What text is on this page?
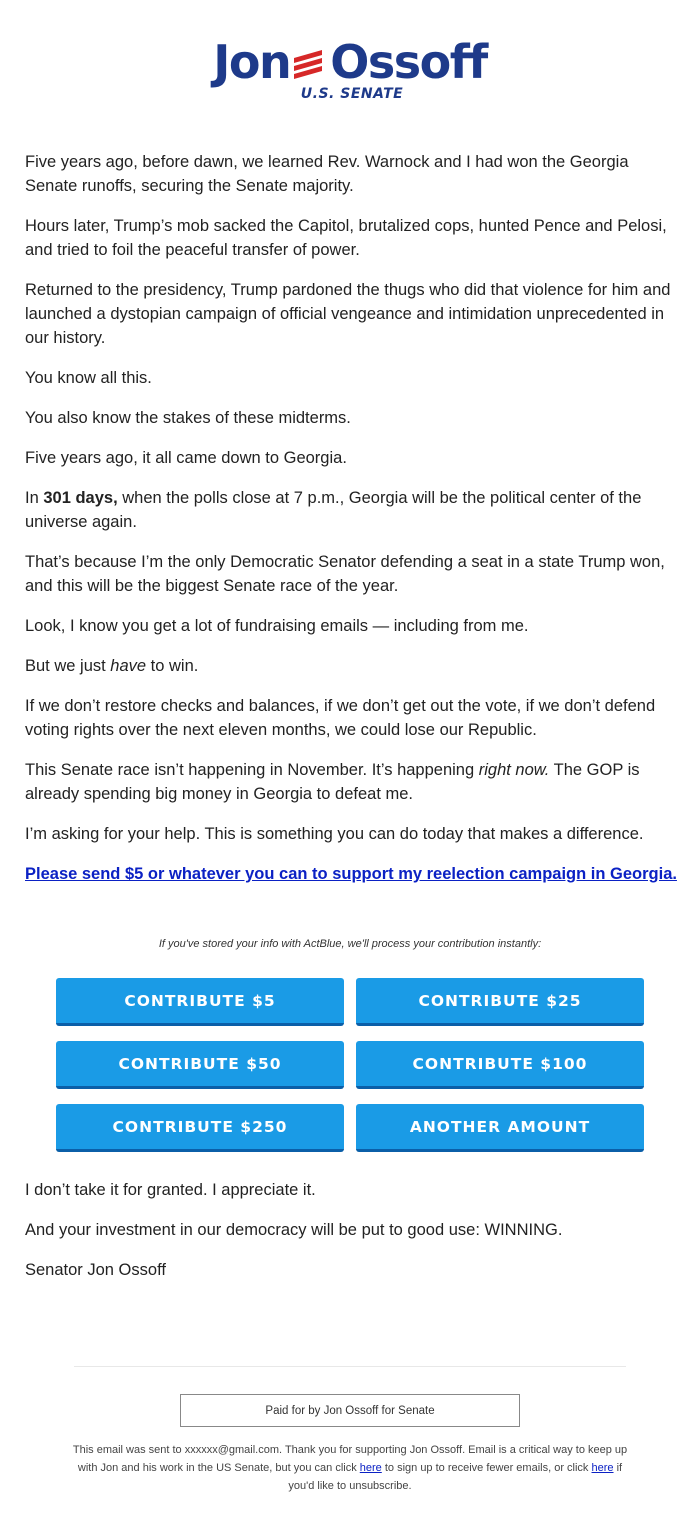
Jon Ossoff
U.S. SENATE

Five years ago, before dawn, we learned Rev. Warnock and I had won the Georgia Senate runoffs, securing the Senate majority.

Hours later, Trump’s mob sacked the Capitol, brutalized cops, hunted Pence and Pelosi, and tried to foil the peaceful transfer of power.

Returned to the presidency, Trump pardoned the thugs who did that violence for him and launched a dystopian campaign of official vengeance and intimidation unprecedented in our history.

You know all this.

You also know the stakes of these midterms.

Five years ago, it all came down to Georgia.

In 301 days, when the polls close at 7 p.m., Georgia will be the political center of the universe again.

That’s because I’m the only Democratic Senator defending a seat in a state Trump won, and this will be the biggest Senate race of the year.

Look, I know you get a lot of fundraising emails — including from me.

But we just have to win.

If we don’t restore checks and balances, if we don’t get out the vote, if we don’t defend voting rights over the next eleven months, we could lose our Republic.

This Senate race isn’t happening in November. It’s happening right now. The GOP is already spending big money in Georgia to defeat me.

I’m asking for your help. This is something you can do today that makes a difference.

Please send $5 or whatever you can to support my reelection campaign in Georgia.

If you've stored your info with ActBlue, we'll process your contribution instantly:
CONTRIBUTE $5	CONTRIBUTE $25
CONTRIBUTE $50	CONTRIBUTE $100
CONTRIBUTE $250	ANOTHER AMOUNT

I don’t take it for granted. I appreciate it.

And your investment in our democracy will be put to good use: WINNING.

Senator Jon Ossoff

Paid for by Jon Ossoff for Senate
This email was sent to xxxxxx@gmail.com. Thank you for supporting Jon Ossoff. Email is a critical way to keep up with Jon and his work in the US Senate, but you can click here to sign up to receive fewer emails, or click here if you'd like to unsubscribe.
